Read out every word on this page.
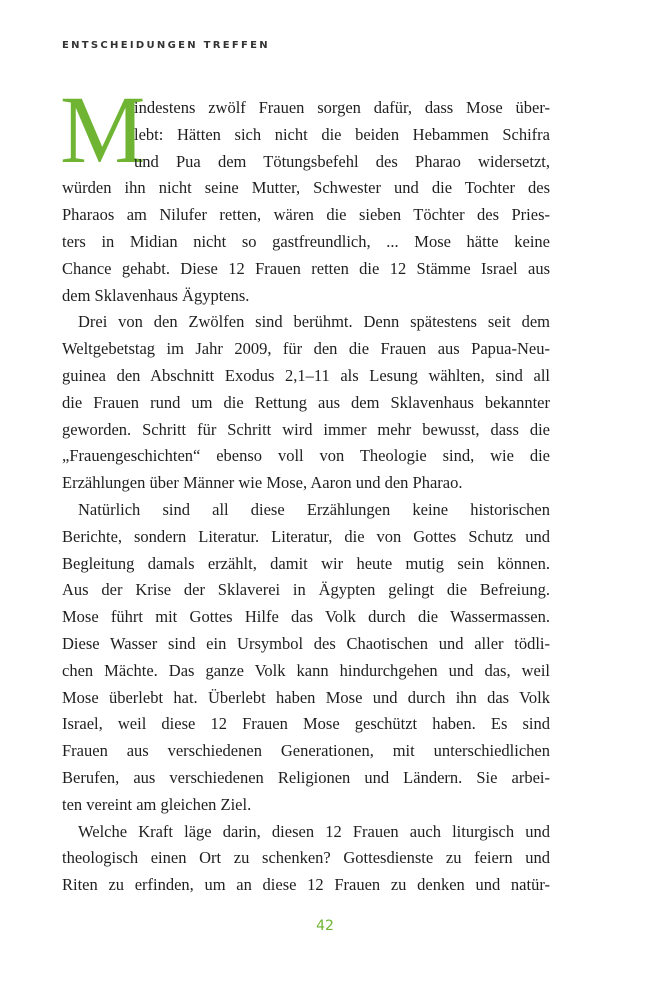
ENTSCHEIDUNGEN TREFFEN
M
indestens zwölf Frauen sorgen dafür, dass Mose über-
lebt: Hätten sich nicht die beiden Hebammen Schifra
und Pua dem Tötungsbefehl des Pharao widersetzt,
würden ihn nicht seine Mutter, Schwester und die Tochter des
Pharaos am Nilufer retten, wären die sieben Töchter des Pries-
ters in Midian nicht so gastfreundlich, ... Mose hätte keine
Chance gehabt. Diese 12 Frauen retten die 12 Stämme Israel aus
dem Sklavenhaus Ägyptens.
Drei von den Zwölfen sind berühmt. Denn spätestens seit dem
Weltgebetstag im Jahr 2009, für den die Frauen aus Papua-Neu-
guinea den Abschnitt Exodus 2,1–11 als Lesung wählten, sind all
die Frauen rund um die Rettung aus dem Sklavenhaus bekannter
geworden. Schritt für Schritt wird immer mehr bewusst, dass die
„Frauengeschichten“ ebenso voll von Theologie sind, wie die
Erzählungen über Männer wie Mose, Aaron und den Pharao.
Natürlich sind all diese Erzählungen keine historischen
Berichte, sondern Literatur. Literatur, die von Gottes Schutz und
Begleitung damals erzählt, damit wir heute mutig sein können.
Aus der Krise der Sklaverei in Ägypten gelingt die Befreiung.
Mose führt mit Gottes Hilfe das Volk durch die Wassermassen.
Diese Wasser sind ein Ursymbol des Chaotischen und aller tödli-
chen Mächte. Das ganze Volk kann hindurchgehen und das, weil
Mose überlebt hat. Überlebt haben Mose und durch ihn das Volk
Israel, weil diese 12 Frauen Mose geschützt haben. Es sind
Frauen aus verschiedenen Generationen, mit unterschiedlichen
Berufen, aus verschiedenen Religionen und Ländern. Sie arbei-
ten vereint am gleichen Ziel.
Welche Kraft läge darin, diesen 12 Frauen auch liturgisch und
theologisch einen Ort zu schenken? Gottesdienste zu feiern und
Riten zu erfinden, um an diese 12 Frauen zu denken und natür-
42
